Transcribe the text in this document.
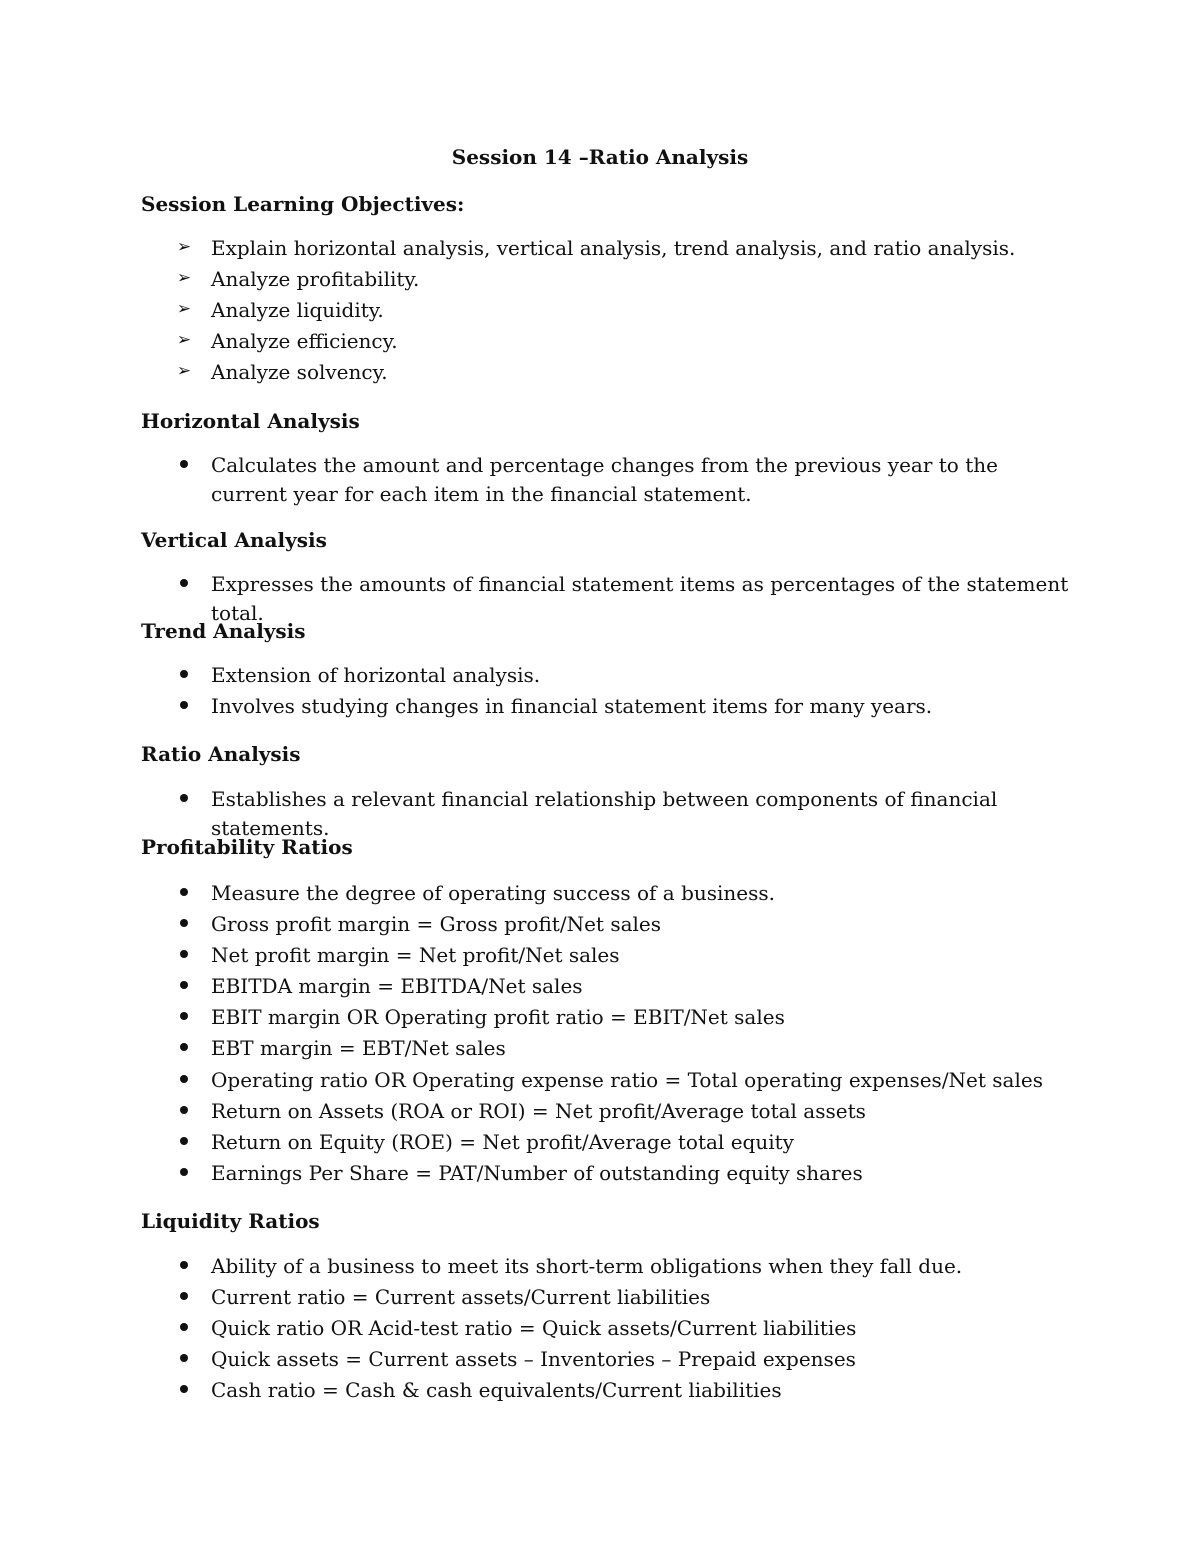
Session 14 –Ratio Analysis
Session Learning Objectives:
➢ Explain horizontal analysis, vertical analysis, trend analysis, and ratio analysis.
➢ Analyze profitability.
➢ Analyze liquidity.
➢ Analyze efficiency.
➢ Analyze solvency.
Horizontal Analysis
Calculates the amount and percentage changes from the previous year to the current year for each item in the financial statement.
Vertical Analysis
Expresses the amounts of financial statement items as percentages of the statement total.
Trend Analysis
Extension of horizontal analysis.
Involves studying changes in financial statement items for many years.
Ratio Analysis
Establishes a relevant financial relationship between components of financial statements.
Profitability Ratios
Measure the degree of operating success of a business.
Gross profit margin = Gross profit/Net sales
Net profit margin = Net profit/Net sales
EBITDA margin = EBITDA/Net sales
EBIT margin OR Operating profit ratio = EBIT/Net sales
EBT margin = EBT/Net sales
Operating ratio OR Operating expense ratio = Total operating expenses/Net sales
Return on Assets (ROA or ROI) = Net profit/Average total assets
Return on Equity (ROE) = Net profit/Average total equity
Earnings Per Share = PAT/Number of outstanding equity shares
Liquidity Ratios
Ability of a business to meet its short-term obligations when they fall due.
Current ratio = Current assets/Current liabilities
Quick ratio OR Acid-test ratio = Quick assets/Current liabilities
Quick assets = Current assets – Inventories – Prepaid expenses
Cash ratio = Cash & cash equivalents/Current liabilities
